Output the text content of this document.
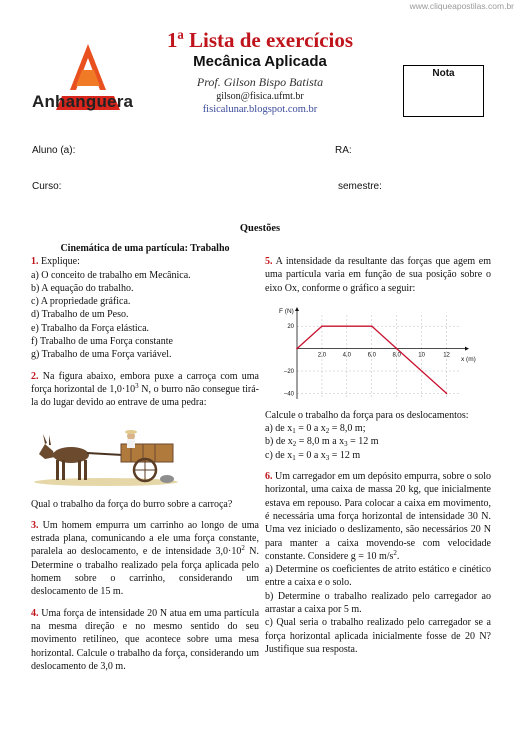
www.cliqueapostilas.com.br
Anhanguera
1ª Lista de exercícios
Mecânica Aplicada
Prof. Gilson Bispo Batista
gilson@fisica.ufmt.br
fisicalunar.blogspot.com.br
Nota
Aluno (a):	RA:
Curso:	semestre:
Questões

Cinemática de uma partícula: Trabalho

1. Explique:

a) O conceito de trabalho em Mecânica.

b) A equação do trabalho.

c) A propriedade gráfica.

d) Trabalho de um Peso.

e) Trabalho da Força elástica.

f) Trabalho de uma Força constante

g) Trabalho de uma Força variável.

2. Na figura abaixo, embora puxe a carroça com uma força horizontal de $1,0\cdot 10^3$ N, o burro não consegue tirá-la do lugar devido ao entrave de uma pedra:

Qual o trabalho da força do burro sobre a carroça?

3. Um homem empurra um carrinho ao longo de uma estrada plana, comunicando a ele uma força constante, paralela ao deslocamento, e de intensidade $3,0\cdot 10^2$ N. Determine o trabalho realizado pela força aplicada pelo homem sobre o carrinho, considerando um deslocamento de 15 m.

4. Uma força de intensidade 20 N atua em uma partícula na mesma direção e no mesmo sentido do seu movimento retilíneo, que acontece sobre uma mesa horizontal. Calcule o trabalho da força, considerando um deslocamento de 3,0 m.

5. A intensidade da resultante das forças que agem em uma partícula varia em função de sua posição sobre o eixo Ox, conforme o gráfico a seguir:

F (N)
x (m)
2,0	4,0	6,0	8,0	10	12
20
–20
–40

Calcule o trabalho da força para os deslocamentos:

a) de $x_1 = 0$ a $x_2 = 8,0$ m;

b) de $x_2 = 8,0$ m a $x_3 = 12$ m

c) de $x_1 = 0$ a $x_3 = 12$ m

6. Um carregador em um depósito empurra, sobre o solo horizontal, uma caixa de massa 20 kg, que inicialmente estava em repouso. Para colocar a caixa em movimento, é necessária uma força horizontal de intensidade 30 N. Uma vez iniciado o deslizamento, são necessários 20 N para manter a caixa movendo-se com velocidade constante. Considere g = 10 $m/s^2$.

a) Determine os coeficientes de atrito estático e cinético entre a caixa e o solo.

b) Determine o trabalho realizado pelo carregador ao arrastar a caixa por 5 m.

c) Qual seria o trabalho realizado pelo carregador se a força horizontal aplicada inicialmente fosse de 20 N? Justifique sua resposta.
